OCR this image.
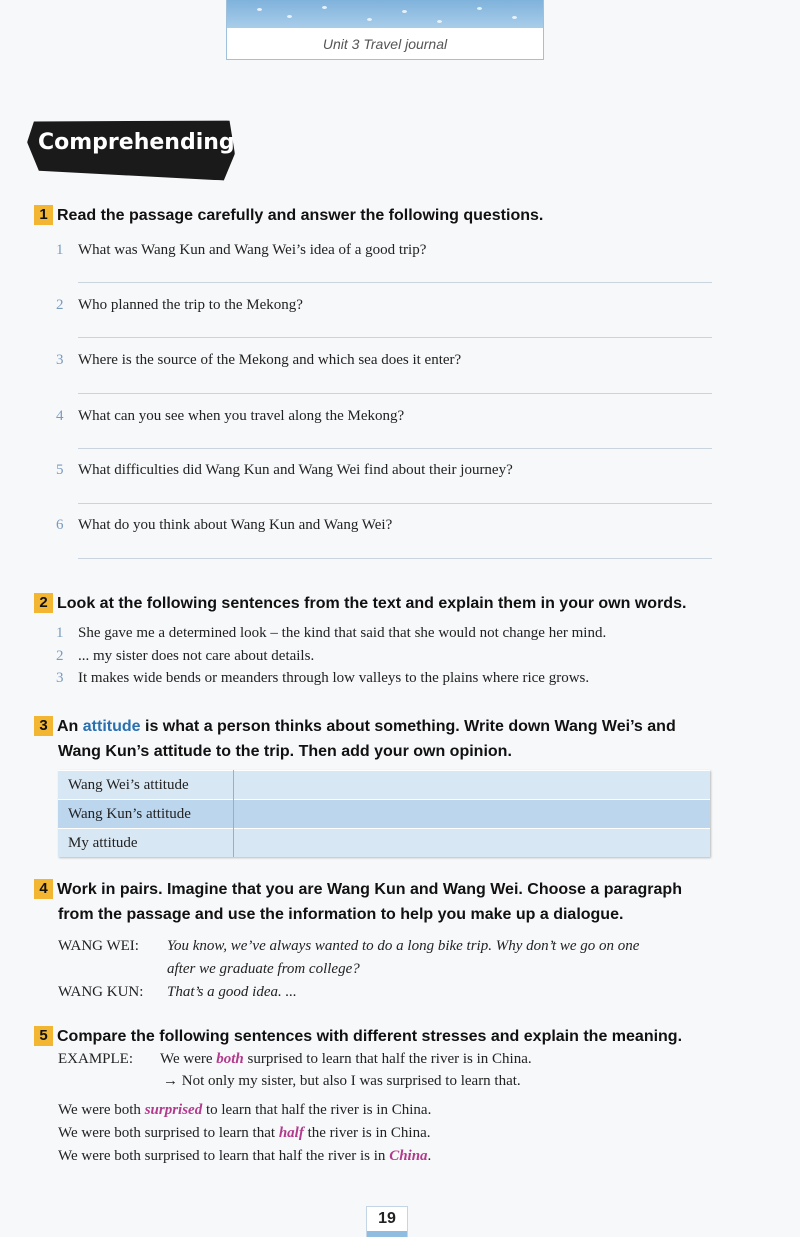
Unit 3 Travel journal
Comprehending
1 Read the passage carefully and answer the following questions.
1 What was Wang Kun and Wang Wei’s idea of a good trip?
2 Who planned the trip to the Mekong?
3 Where is the source of the Mekong and which sea does it enter?
4 What can you see when you travel along the Mekong?
5 What difficulties did Wang Kun and Wang Wei find about their journey?
6 What do you think about Wang Kun and Wang Wei?
2 Look at the following sentences from the text and explain them in your own words.
1 She gave me a determined look – the kind that said that she would not change her mind.
2 ... my sister does not care about details.
3 It makes wide bends or meanders through low valleys to the plains where rice grows.
3 An attitude is what a person thinks about something. Write down Wang Wei’s and
Wang Kun’s attitude to the trip. Then add your own opinion.
Wang Wei’s attitude	
Wang Kun’s attitude	
My attitude	
4 Work in pairs. Imagine that you are Wang Kun and Wang Wei. Choose a paragraph
from the passage and use the information to help you make up a dialogue.
WANG WEI: You know, we’ve always wanted to do a long bike trip. Why don’t we go on one
after we graduate from college?
WANG KUN: That’s a good idea. ...
5 Compare the following sentences with different stresses and explain the meaning.
EXAMPLE: We were both surprised to learn that half the river is in China.
→ Not only my sister, but also I was surprised to learn that.
We were both surprised to learn that half the river is in China.
We were both surprised to learn that half the river is in China.
We were both surprised to learn that half the river is in China.
19
